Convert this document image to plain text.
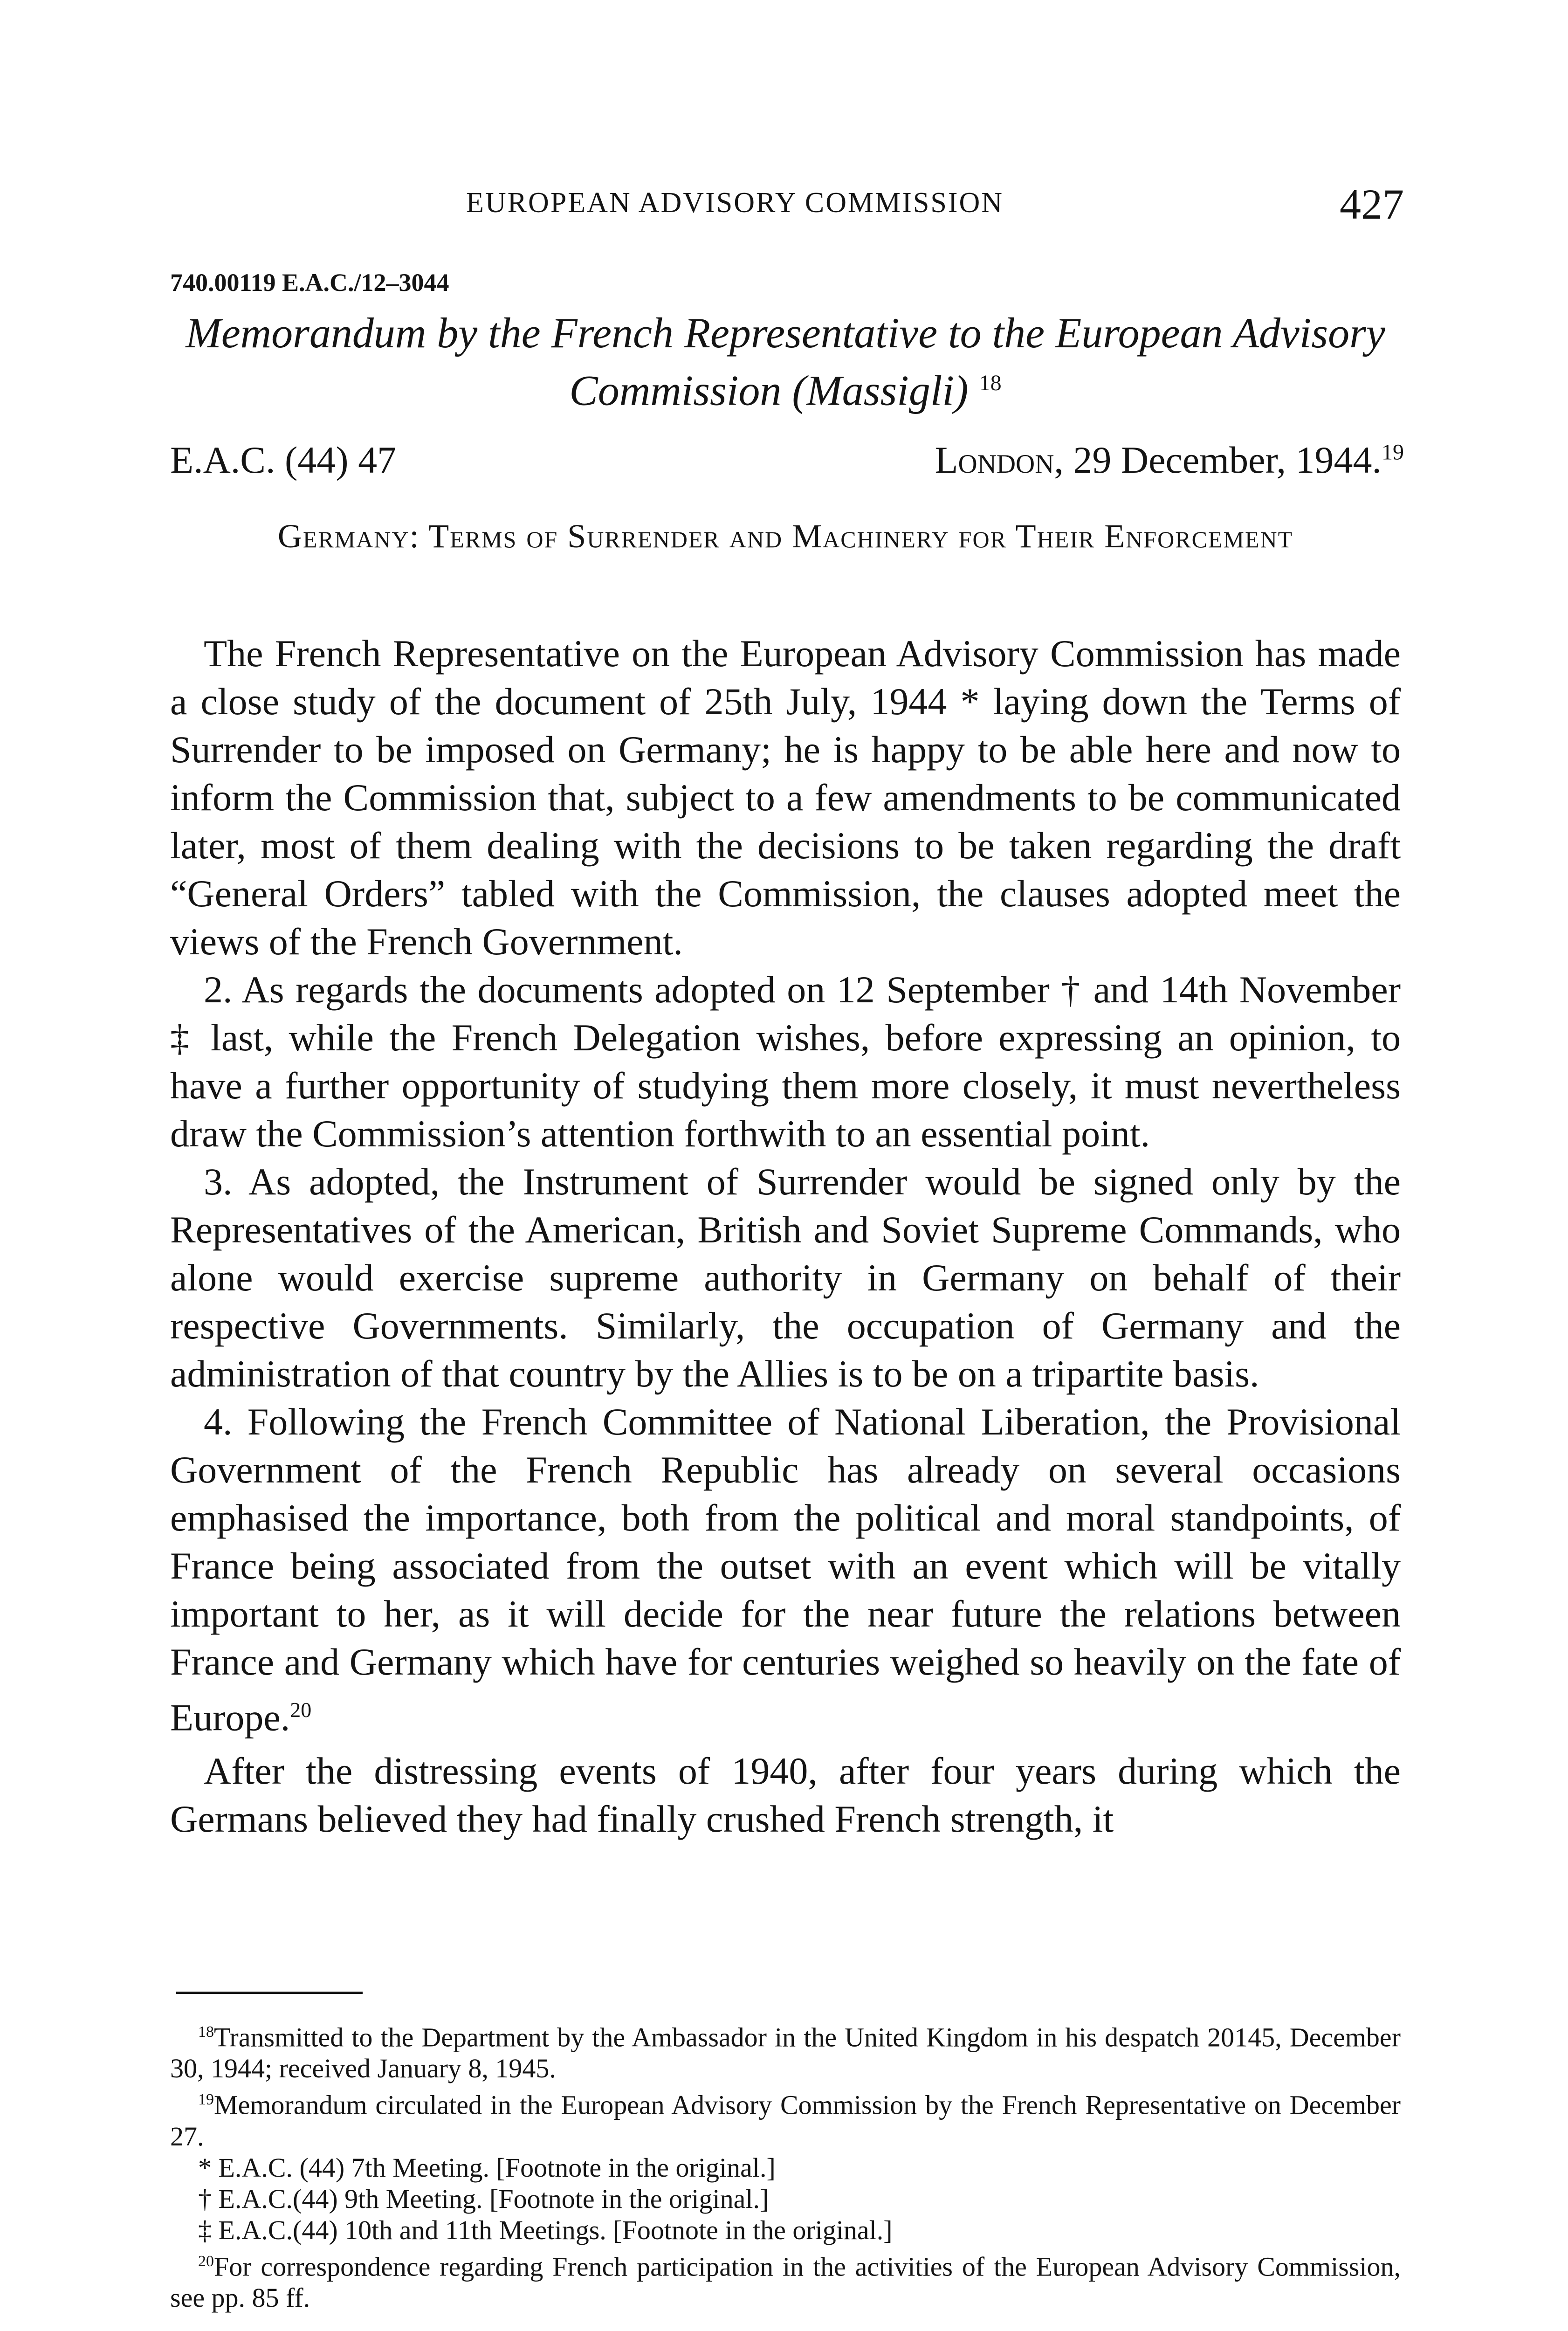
EUROPEAN ADVISORY COMMISSION	427
740.00119 E.A.C./12–3044
Memorandum by the French Representative to the European Advisory Commission (Massigli) $^{18}$
E.A.C. (44) 47	London, 29 December, 1944.19
Germany: Terms of Surrender and Machinery for Their Enforcement

The French Representative on the European Advisory Commission has made a close study of the document of 25th July, 1944 * laying down the Terms of Surrender to be imposed on Germany; he is happy to be able here and now to inform the Commission that, subject to a few amendments to be communicated later, most of them dealing with the decisions to be taken regarding the draft “General Orders” tabled with the Commission, the clauses adopted meet the views of the French Government.

2. As regards the documents adopted on 12 September † and 14th November ‡ last, while the French Delegation wishes, before expressing an opinion, to have a further opportunity of studying them more closely, it must nevertheless draw the Commission’s attention forthwith to an essential point.

3. As adopted, the Instrument of Surrender would be signed only by the Representatives of the American, British and Soviet Supreme Commands, who alone would exercise supreme authority in Germany on behalf of their respective Governments. Similarly, the occupation of Germany and the administration of that country by the Allies is to be on a tripartite basis.

4. Following the French Committee of National Liberation, the Provisional Government of the French Republic has already on several occasions emphasised the importance, both from the political and moral standpoints, of France being associated from the outset with an event which will be vitally important to her, as it will decide for the near future the relations between France and Germany which have for centuries weighed so heavily on the fate of Europe.$^{20}$

After the distressing events of 1940, after four years during which the Germans believed they had finally crushed French strength, it

$^{18}$Transmitted to the Department by the Ambassador in the United Kingdom in his despatch 20145, December 30, 1944; received January 8, 1945.

$^{19}$Memorandum circulated in the European Advisory Commission by the French Representative on December 27.

* E.A.C. (44) 7th Meeting. [Footnote in the original.]

† E.A.C.(44) 9th Meeting. [Footnote in the original.]

‡ E.A.C.(44) 10th and 11th Meetings. [Footnote in the original.]

$^{20}$For correspondence regarding French participation in the activities of the European Advisory Commission, see pp. 85 ff.
